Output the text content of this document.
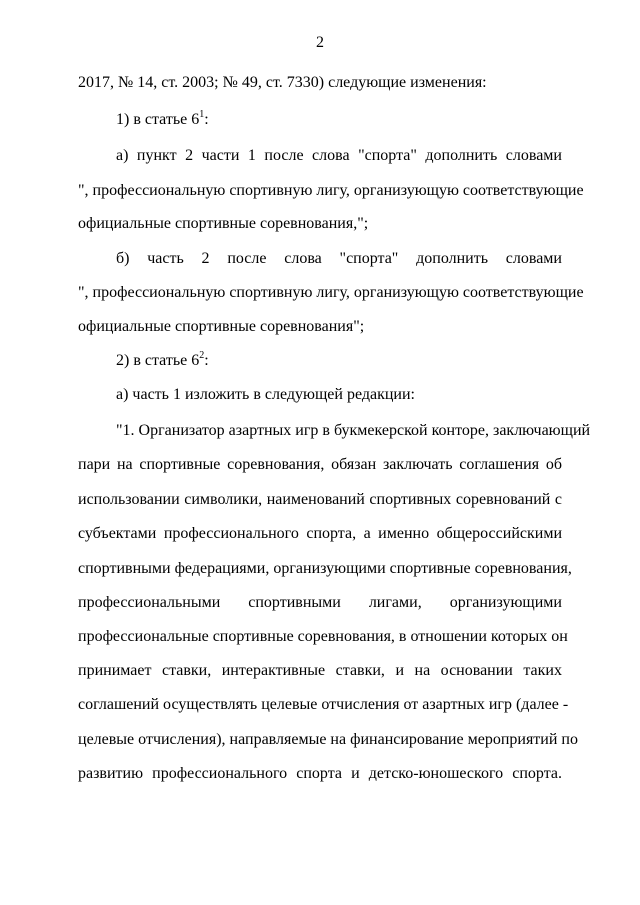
2
2017, № 14, ст. 2003; № 49, ст. 7330) следующие изменения:
1) в статье $6^1$:
а) пункт 2 части 1 после слова "спорта" дополнить словами
", профессиональную спортивную лигу, организующую соответствующие
официальные спортивные соревнования,";
б) часть 2 после слова "спорта" дополнить словами
", профессиональную спортивную лигу, организующую соответствующие
официальные спортивные соревнования";
2) в статье $6^2$:
а) часть 1 изложить в следующей редакции:
"1. Организатор азартных игр в букмекерской конторе, заключающий
пари на спортивные соревнования, обязан заключать соглашения об
использовании символики, наименований спортивных соревнований с
субъектами профессионального спорта, а именно общероссийскими
спортивными федерациями, организующими спортивные соревнования,
профессиональными спортивными лигами, организующими
профессиональные спортивные соревнования, в отношении которых он
принимает ставки, интерактивные ставки, и на основании таких
соглашений осуществлять целевые отчисления от азартных игр (далее -
целевые отчисления), направляемые на финансирование мероприятий по
развитию профессионального спорта и детско-юношеского спорта.
